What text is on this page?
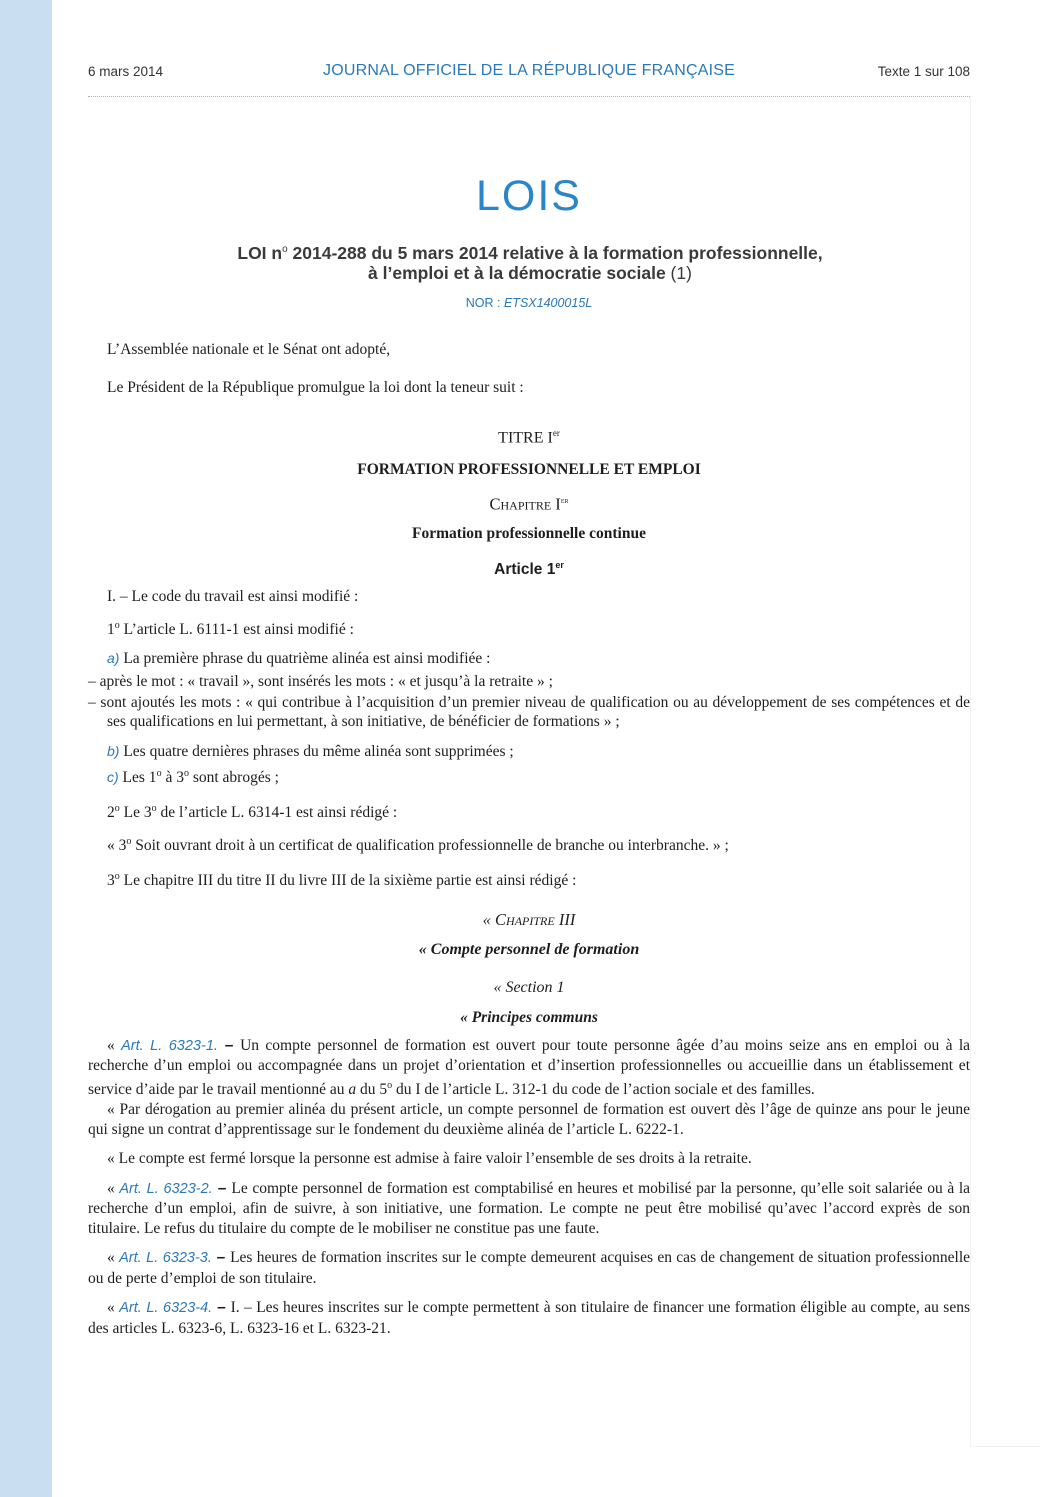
6 mars 2014	JOURNAL OFFICIEL DE LA RÉPUBLIQUE FRANÇAISE	Texte 1 sur 108
LOIS
LOI $n^o$ 2014-288 du 5 mars 2014 relative à la formation professionnelle,
à l’emploi et à la démocratie sociale (1)
NOR : ETSX1400015L

L’Assemblée nationale et le Sénat ont adopté,

Le Président de la République promulgue la loi dont la teneur suit :

TITRE Ier

FORMATION PROFESSIONNELLE ET EMPLOI

Chapitre Ier

Formation professionnelle continue

Article 1er

I. – Le code du travail est ainsi modifié :

1$^o$ L’article L. 6111-1 est ainsi modifié :

a) La première phrase du quatrième alinéa est ainsi modifiée :

– après le mot : « travail », sont insérés les mots : « et jusqu’à la retraite » ;

– sont ajoutés les mots : « qui contribue à l’acquisition d’un premier niveau de qualification ou au développement de ses compétences et de ses qualifications en lui permettant, à son initiative, de bénéficier de formations » ;

b) Les quatre dernières phrases du même alinéa sont supprimées ;

c) Les 1$^o$ à 3$^o$ sont abrogés ;

2$^o$ Le 3$^o$ de l’article L. 6314-1 est ainsi rédigé :

« 3$^o$ Soit ouvrant droit à un certificat de qualification professionnelle de branche ou interbranche. » ;

3$^o$ Le chapitre III du titre II du livre III de la sixième partie est ainsi rédigé :

« Chapitre III

« Compte personnel de formation

« Section 1

« Principes communs

« Art. L. 6323-1. – Un compte personnel de formation est ouvert pour toute personne âgée d’au moins seize ans en emploi ou à la recherche d’un emploi ou accompagnée dans un projet d’orientation et d’insertion professionnelles ou accueillie dans un établissement et service d’aide par le travail mentionné au a du 5$^o$ du I de l’article L. 312-1 du code de l’action sociale et des familles.

« Par dérogation au premier alinéa du présent article, un compte personnel de formation est ouvert dès l’âge de quinze ans pour le jeune qui signe un contrat d’apprentissage sur le fondement du deuxième alinéa de l’article L. 6222-1.

« Le compte est fermé lorsque la personne est admise à faire valoir l’ensemble de ses droits à la retraite.

« Art. L. 6323-2. – Le compte personnel de formation est comptabilisé en heures et mobilisé par la personne, qu’elle soit salariée ou à la recherche d’un emploi, afin de suivre, à son initiative, une formation. Le compte ne peut être mobilisé qu’avec l’accord exprès de son titulaire. Le refus du titulaire du compte de le mobiliser ne constitue pas une faute.

« Art. L. 6323-3. – Les heures de formation inscrites sur le compte demeurent acquises en cas de changement de situation professionnelle ou de perte d’emploi de son titulaire.

« Art. L. 6323-4. – I. – Les heures inscrites sur le compte permettent à son titulaire de financer une formation éligible au compte, au sens des articles L. 6323-6, L. 6323-16 et L. 6323-21.
